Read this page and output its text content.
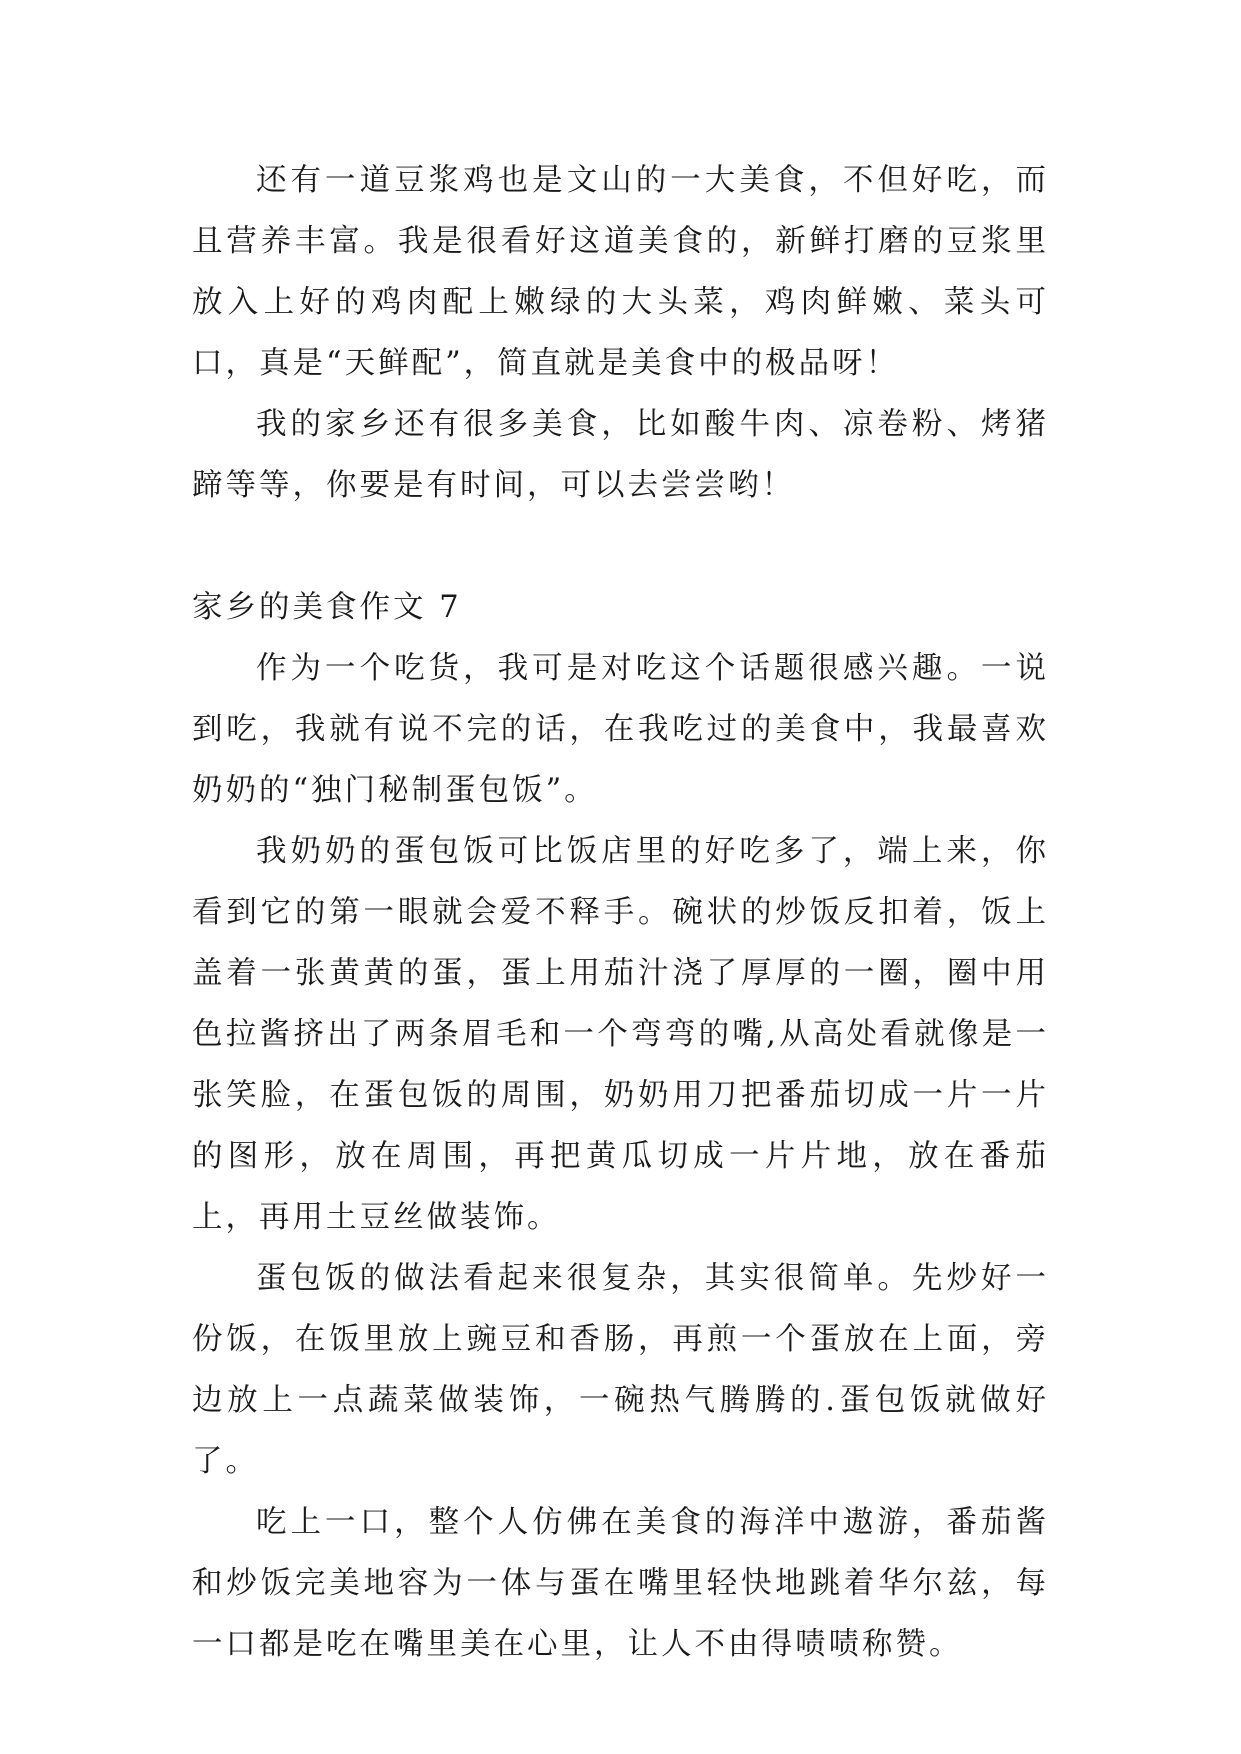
还有一道豆浆鸡也是文山的一大美食，不但好吃，而且营养丰富。我是很看好这道美食的，新鲜打磨的豆浆里放入上好的鸡肉配上嫩绿的大头菜，鸡肉鲜嫩、菜头可口，真是“天鲜配”，简直就是美食中的极品呀！

我的家乡还有很多美食，比如酸牛肉、凉卷粉、烤猪蹄等等，你要是有时间，可以去尝尝哟！

家乡的美食作文 7

作为一个吃货，我可是对吃这个话题很感兴趣。一说到吃，我就有说不完的话，在我吃过的美食中，我最喜欢奶奶的“独门秘制蛋包饭”。

我奶奶的蛋包饭可比饭店里的好吃多了，端上来，你看到它的第一眼就会爱不释手。碗状的炒饭反扣着，饭上盖着一张黄黄的蛋，蛋上用茄汁浇了厚厚的一圈，圈中用色拉酱挤出了两条眉毛和一个弯弯的嘴,从高处看就像是一张笑脸，在蛋包饭的周围，奶奶用刀把番茄切成一片一片的图形，放在周围，再把黄瓜切成一片片地，放在番茄上，再用土豆丝做装饰。

蛋包饭的做法看起来很复杂，其实很简单。先炒好一份饭，在饭里放上豌豆和香肠，再煎一个蛋放在上面，旁边放上一点蔬菜做装饰，一碗热气腾腾的.蛋包饭就做好了。

吃上一口，整个人仿佛在美食的海洋中遨游，番茄酱和炒饭完美地容为一体与蛋在嘴里轻快地跳着华尔兹，每一口都是吃在嘴里美在心里，让人不由得啧啧称赞。
